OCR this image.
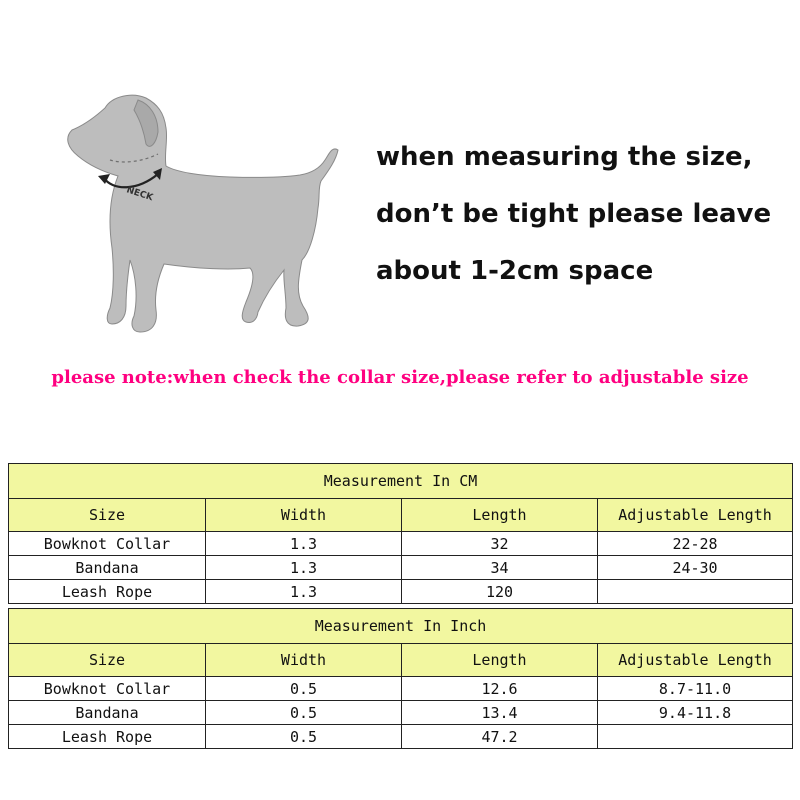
NECK
when measuring the size,
don’t be tight please leave
about 1-2cm space
please note:when check the collar size,please refer to adjustable size
Measurement In CM			
Size	Width	Length	Adjustable Length
Bowknot Collar	1.3	32	22-28
Bandana	1.3	34	24-30
Leash Rope	1.3	120	
Measurement In Inch			
Size	Width	Length	Adjustable Length
Bowknot Collar	0.5	12.6	8.7-11.0
Bandana	0.5	13.4	9.4-11.8
Leash Rope	0.5	47.2	
